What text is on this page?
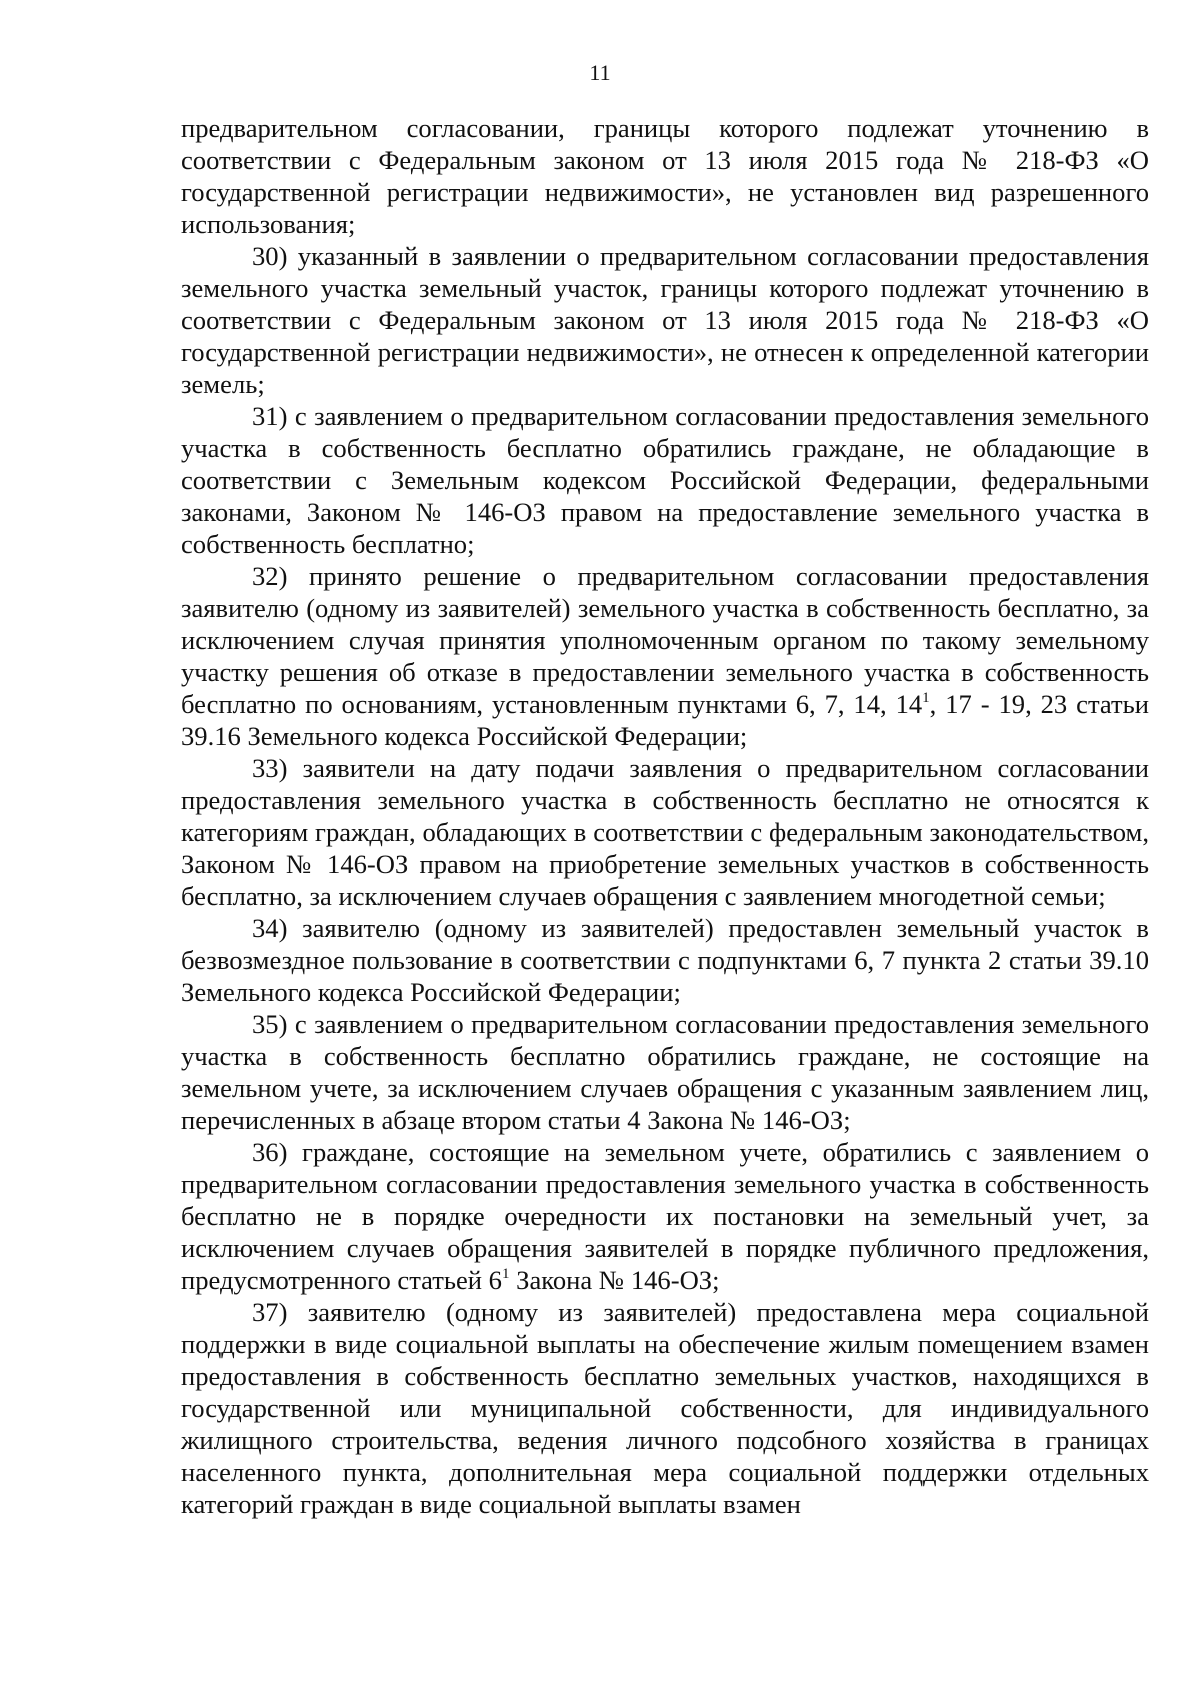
11

предварительном согласовании, границы которого подлежат уточнению в соответствии с Федеральным законом от 13 июля 2015 года № 218-ФЗ «О государственной регистрации недвижимости», не установлен вид разрешенного использования;

30) указанный в заявлении о предварительном согласовании предоставления земельного участка земельный участок, границы которого подлежат уточнению в соответствии с Федеральным законом от 13 июля 2015 года № 218-ФЗ «О государственной регистрации недвижимости», не отнесен к определенной категории земель;

31) с заявлением о предварительном согласовании предоставления земельного участка в собственность бесплатно обратились граждане, не обладающие в соответствии с Земельным кодексом Российской Федерации, федеральными законами, Законом № 146-ОЗ правом на предоставление земельного участка в собственность бесплатно;

32) принято решение о предварительном согласовании предоставления заявителю (одному из заявителей) земельного участка в собственность бесплатно, за исключением случая принятия уполномоченным органом по такому земельному участку решения об отказе в предоставлении земельного участка в собственность бесплатно по основаниям, установленным пунктами 6, 7, 14, $14^1$, 17 - 19, 23 статьи 39.16 Земельного кодекса Российской Федерации;

33) заявители на дату подачи заявления о предварительном согласовании предоставления земельного участка в собственность бесплатно не относятся к категориям граждан, обладающих в соответствии с федеральным законодательством, Законом № 146-ОЗ правом на приобретение земельных участков в собственность бесплатно, за исключением случаев обращения с заявлением многодетной семьи;

34) заявителю (одному из заявителей) предоставлен земельный участок в безвозмездное пользование в соответствии с подпунктами 6, 7 пункта 2 статьи 39.10 Земельного кодекса Российской Федерации;

35) с заявлением о предварительном согласовании предоставления земельного участка в собственность бесплатно обратились граждане, не состоящие на земельном учете, за исключением случаев обращения с указанным заявлением лиц, перечисленных в абзаце втором статьи 4 Закона № 146-ОЗ;

36) граждане, состоящие на земельном учете, обратились с заявлением о предварительном согласовании предоставления земельного участка в собственность бесплатно не в порядке очередности их постановки на земельный учет, за исключением случаев обращения заявителей в порядке публичного предложения, предусмотренного статьей $6^1$ Закона № 146-ОЗ;

37) заявителю (одному из заявителей) предоставлена мера социальной поддержки в виде социальной выплаты на обеспечение жилым помещением взамен предоставления в собственность бесплатно земельных участков, находящихся в государственной или муниципальной собственности, для индивидуального жилищного строительства, ведения личного подсобного хозяйства в границах населенного пункта, дополнительная мера социальной поддержки отдельных категорий граждан в виде социальной выплаты взамен
